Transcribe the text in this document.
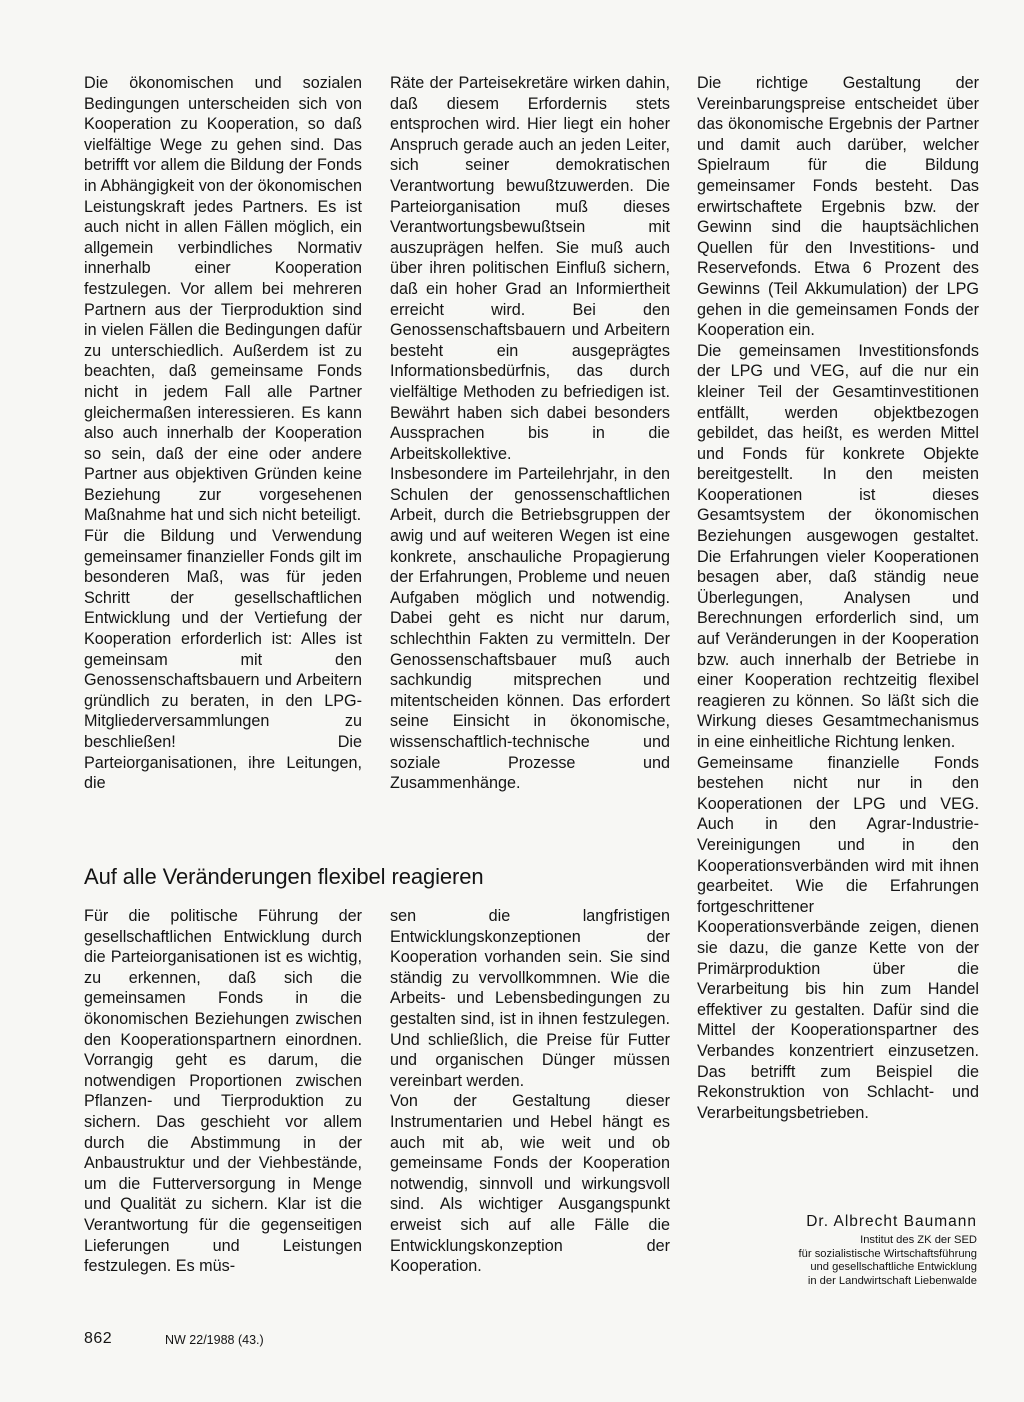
Die ökonomischen und sozialen Bedingungen unterscheiden sich von Kooperation zu Kooperation, so daß vielfältige Wege zu gehen sind. Das betrifft vor allem die Bildung der Fonds in Abhängigkeit von der ökonomischen Leistungskraft jedes Partners. Es ist auch nicht in allen Fällen möglich, ein allgemein verbindliches Normativ innerhalb einer Kooperation festzulegen. Vor allem bei mehreren Partnern aus der Tierproduktion sind in vielen Fällen die Bedingungen dafür zu unterschiedlich. Außerdem ist zu beachten, daß gemeinsame Fonds nicht in jedem Fall alle Partner gleichermaßen interessieren. Es kann also auch innerhalb der Kooperation so sein, daß der eine oder andere Partner aus objektiven Gründen keine Beziehung zur vorgesehenen Maßnahme hat und sich nicht beteiligt.

Für die Bildung und Verwendung gemeinsamer finanzieller Fonds gilt im besonderen Maß, was für jeden Schritt der gesellschaftlichen Entwicklung und der Vertiefung der Kooperation erforderlich ist: Alles ist gemeinsam mit den Genossenschaftsbauern und Arbeitern gründlich zu beraten, in den LPG-Mitgliederversammlungen zu beschließen! Die Parteiorganisationen, ihre Leitungen, die

Räte der Parteisekretäre wirken dahin, daß diesem Erfordernis stets entsprochen wird. Hier liegt ein hoher Anspruch gerade auch an jeden Leiter, sich seiner demokratischen Verantwortung bewußtzuwerden. Die Parteiorganisation muß dieses Verantwortungsbewußtsein mit auszuprägen helfen. Sie muß auch über ihren politischen Einfluß sichern, daß ein hoher Grad an Informiertheit erreicht wird. Bei den Genossenschaftsbauern und Arbeitern besteht ein ausgeprägtes Informationsbedürfnis, das durch vielfältige Methoden zu befriedigen ist. Bewährt haben sich dabei besonders Aussprachen bis in die Arbeitskollektive.

Insbesondere im Parteilehrjahr, in den Schulen der genossenschaftlichen Arbeit, durch die Betriebsgruppen der awig und auf weiteren Wegen ist eine konkrete, anschauliche Propagierung der Erfahrungen, Probleme und neuen Aufgaben möglich und notwendig. Dabei geht es nicht nur darum, schlechthin Fakten zu vermitteln. Der Genossenschaftsbauer muß auch sachkundig mitsprechen und mitentscheiden können. Das erfordert seine Einsicht in ökonomische, wissenschaftlich-technische und soziale Prozesse und Zusammenhänge.

Die richtige Gestaltung der Vereinbarungspreise entscheidet über das ökonomische Ergebnis der Partner und damit auch darüber, welcher Spielraum für die Bildung gemeinsamer Fonds besteht. Das erwirtschaftete Ergebnis bzw. der Gewinn sind die hauptsächlichen Quellen für den Investitions- und Reservefonds. Etwa 6 Prozent des Gewinns (Teil Akkumulation) der LPG gehen in die gemeinsamen Fonds der Kooperation ein.

Die gemeinsamen Investitionsfonds der LPG und VEG, auf die nur ein kleiner Teil der Gesamtinvestitionen entfällt, werden objektbezogen gebildet, das heißt, es werden Mittel und Fonds für konkrete Objekte bereitgestellt. In den meisten Kooperationen ist dieses Gesamtsystem der ökonomischen Beziehungen ausgewogen gestaltet. Die Erfahrungen vieler Kooperationen besagen aber, daß ständig neue Überlegungen, Analysen und Berechnungen erforderlich sind, um auf Veränderungen in der Kooperation bzw. auch innerhalb der Betriebe in einer Kooperation rechtzeitig flexibel reagieren zu können. So läßt sich die Wirkung dieses Gesamtmechanismus in eine einheitliche Richtung lenken.

Gemeinsame finanzielle Fonds bestehen nicht nur in den Kooperationen der LPG und VEG. Auch in den Agrar-Industrie-Vereinigungen und in den Kooperationsverbänden wird mit ihnen gearbeitet. Wie die Erfahrungen fortgeschrittener Kooperationsverbände zeigen, dienen sie dazu, die ganze Kette von der Primärproduktion über die Verarbeitung bis hin zum Handel effektiver zu gestalten. Dafür sind die Mittel der Kooperationspartner des Verbandes konzentriert einzusetzen. Das betrifft zum Beispiel die Rekonstruktion von Schlacht- und Verarbeitungsbetrieben.

Auf alle Veränderungen flexibel reagieren

Für die politische Führung der gesellschaftlichen Entwicklung durch die Parteiorganisationen ist es wichtig, zu erkennen, daß sich die gemeinsamen Fonds in die ökonomischen Beziehungen zwischen den Kooperationspartnern einordnen. Vorrangig geht es darum, die notwendigen Proportionen zwischen Pflanzen- und Tierproduktion zu sichern. Das geschieht vor allem durch die Abstimmung in der Anbaustruktur und der Viehbestände, um die Futterversorgung in Menge und Qualität zu sichern. Klar ist die Verantwortung für die gegenseitigen Lieferungen und Leistungen festzulegen. Es müs-

sen die langfristigen Entwicklungskonzeptionen der Kooperation vorhanden sein. Sie sind ständig zu vervollkommnen. Wie die Arbeits- und Lebensbedingungen zu gestalten sind, ist in ihnen festzulegen. Und schließlich, die Preise für Futter und organischen Dünger müssen vereinbart werden.

Von der Gestaltung dieser Instrumentarien und Hebel hängt es auch mit ab, wie weit und ob gemeinsame Fonds der Kooperation notwendig, sinnvoll und wirkungsvoll sind. Als wichtiger Ausgangspunkt erweist sich auf alle Fälle die Entwicklungskonzeption der Kooperation.

Dr. Albrecht Baumann
Institut des ZK der SED
für sozialistische Wirtschaftsführung
und gesellschaftliche Entwicklung
in der Landwirtschaft Liebenwalde
862	NW 22/1988 (43.)
